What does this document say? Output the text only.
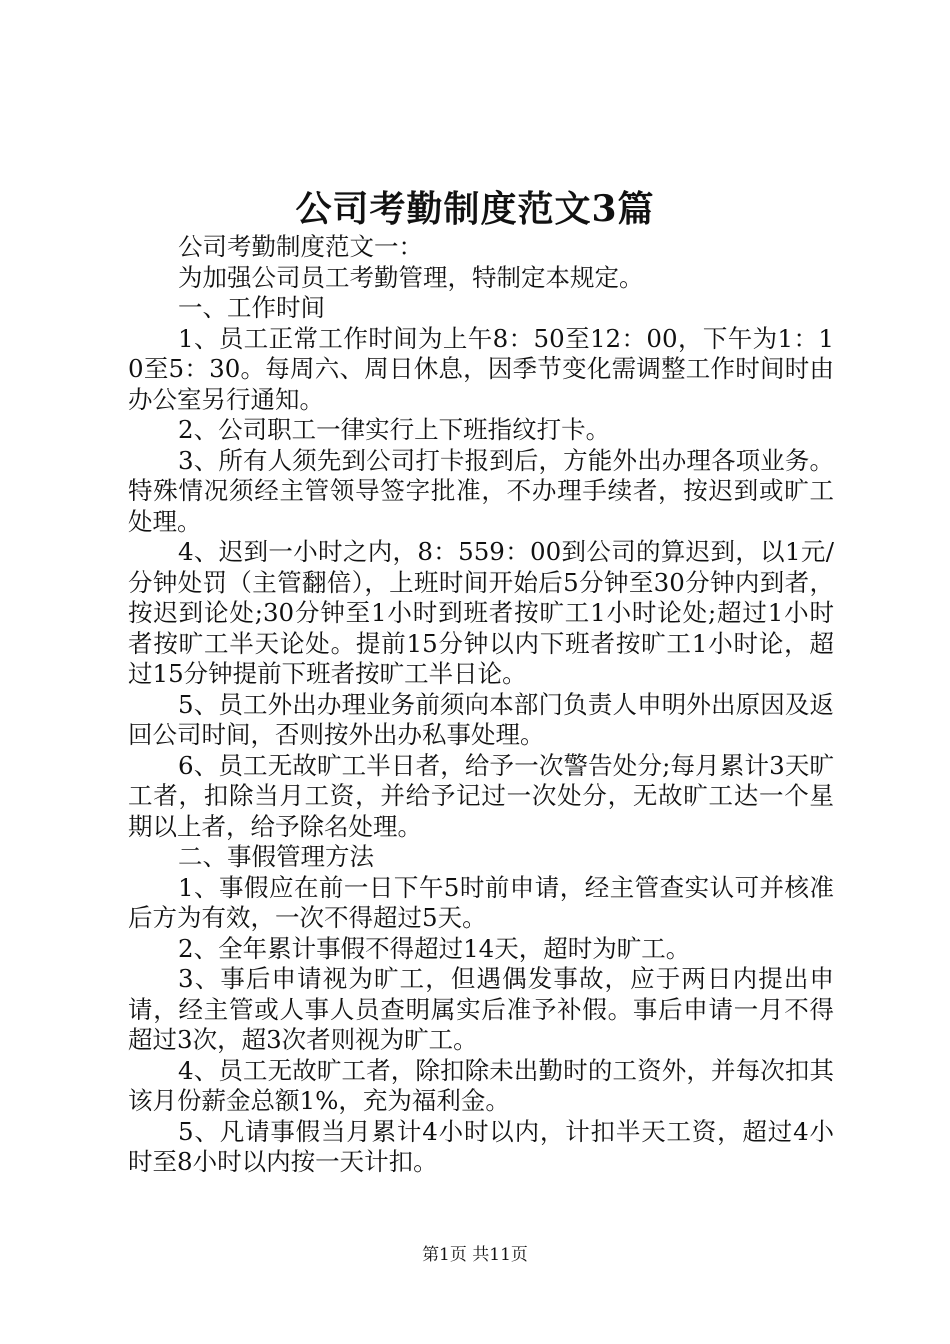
公司考勤制度范文3篇

公司考勤制度范文一：

为加强公司员工考勤管理，特制定本规定。

一、工作时间

1、员工正常工作时间为上午8：50至12：00，下午为1：10至5：30。每周六、周日休息，因季节变化需调整工作时间时由办公室另行通知。

2、公司职工一律实行上下班指纹打卡。

3、所有人须先到公司打卡报到后，方能外出办理各项业务。特殊情况须经主管领导签字批准，不办理手续者，按迟到或旷工处理。

4、迟到一小时之内，8：559：00到公司的算迟到，以1元/分钟处罚（主管翻倍），上班时间开始后5分钟至30分钟内到者，按迟到论处;30分钟至1小时到班者按旷工1小时论处;超过1小时者按旷工半天论处。提前15分钟以内下班者按旷工1小时论，超过15分钟提前下班者按旷工半日论。

5、员工外出办理业务前须向本部门负责人申明外出原因及返回公司时间，否则按外出办私事处理。

6、员工无故旷工半日者，给予一次警告处分;每月累计3天旷工者，扣除当月工资，并给予记过一次处分，无故旷工达一个星期以上者，给予除名处理。

二、事假管理方法

1、事假应在前一日下午5时前申请，经主管查实认可并核准后方为有效，一次不得超过5天。

2、全年累计事假不得超过14天，超时为旷工。

3、事后申请视为旷工，但遇偶发事故，应于两日内提出申请，经主管或人事人员查明属实后准予补假。事后申请一月不得超过3次，超3次者则视为旷工。

4、员工无故旷工者，除扣除未出勤时的工资外，并每次扣其该月份薪金总额1%，充为福利金。

5、凡请事假当月累计4小时以内，计扣半天工资，超过4小时至8小时以内按一天计扣。

第1页 共11页
